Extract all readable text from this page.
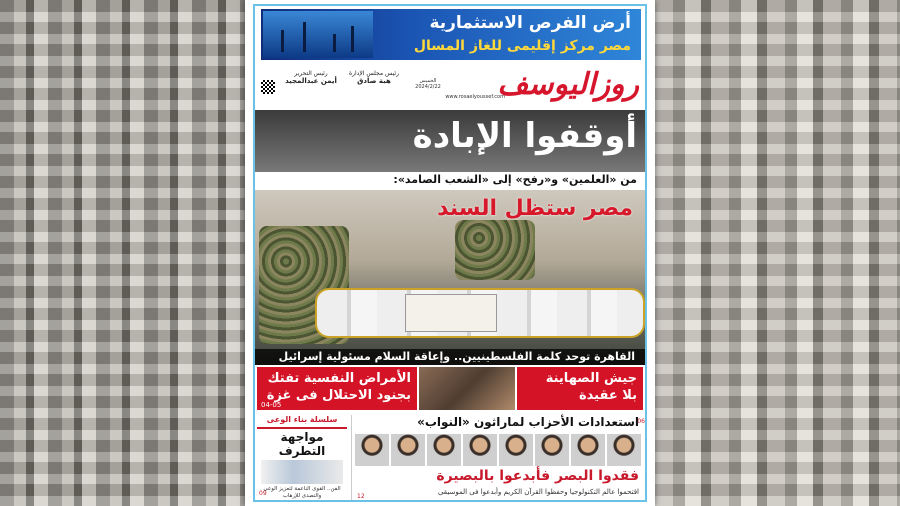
أرض الفرص الاستثمارية
مصر مركز إقليمى للغاز المسال
رئيس التحرير
أيمن عبدالمجيد
رئيس مجلس الإدارة
هبة صادق	الخميس 2024/2/22	روزاليوسف
www.rosaelyoussef.com
أوقفوا الإبادة
من «العلمين» و«رفح» إلى «الشعب الصامد»:
مصر ستظل السند
القاهرة توحد كلمة الفلسطينيين.. وإعاقة السلام مسئولية إسرائيل
الأمراض النفسية تفتك
بجنود الاحتلال فى غزة
04-05
جيش الصهاينة
بلا عقيدة
سلسلة بناء الوعى
مواجهة
التطرف
الفن.. القوى الناعمة لتعزيز الوعى والتصدى للإرهاب
09
استعدادات الأحزاب لماراثون «النواب»
06
فقدوا البصر فأبدعوا بالبصيرة
اقتحموا عالم التكنولوجيا وحفظوا القرآن الكريم وأبدعوا فى الموسيقى
12
